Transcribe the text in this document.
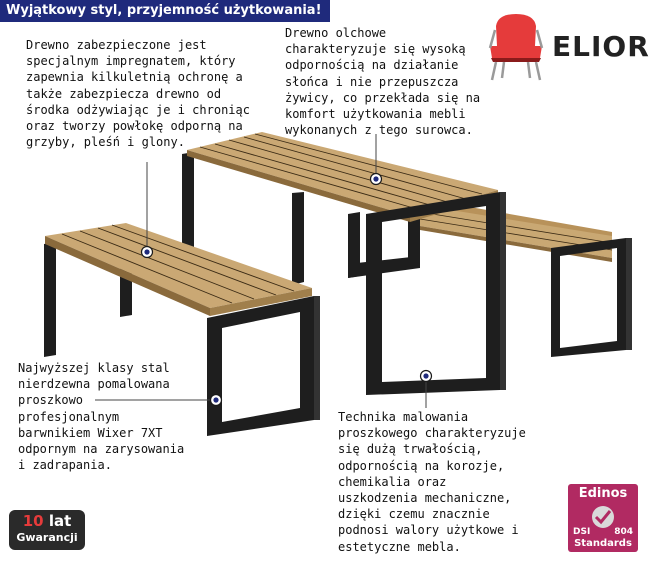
Wyjątkowy styl, przyjemność użytkowania!
ELIOR

Drewno zabezpieczone jest specjalnym impregnatem, który zapewnia kilkuletnią ochronę a także zabezpiecza drewno od środka odżywiając je i chroniąc oraz tworzy powłokę odporną na grzyby, pleśń i glony.

Drewno olchowe charakteryzuje się wysoką odpornością na działanie słońca i nie przepuszcza żywicy, co przekłada się na komfort użytkowania mebli wykonanych z tego surowca.

Najwyższej klasy stal nierdzewna pomalowana proszkowo profesjonalnym barwnikiem Wixer 7XT odpornym na zarysowania i zadrapania.

Technika malowania proszkowego charakteryzuje się dużą trwałością, odpornością na korozje, chemikalia oraz uszkodzenia mechaniczne, dzięki czemu znacznie podnosi walory użytkowe i estetyczne mebla.

10 lat
Gwarancji
Edinos
DSI	804
Standards
